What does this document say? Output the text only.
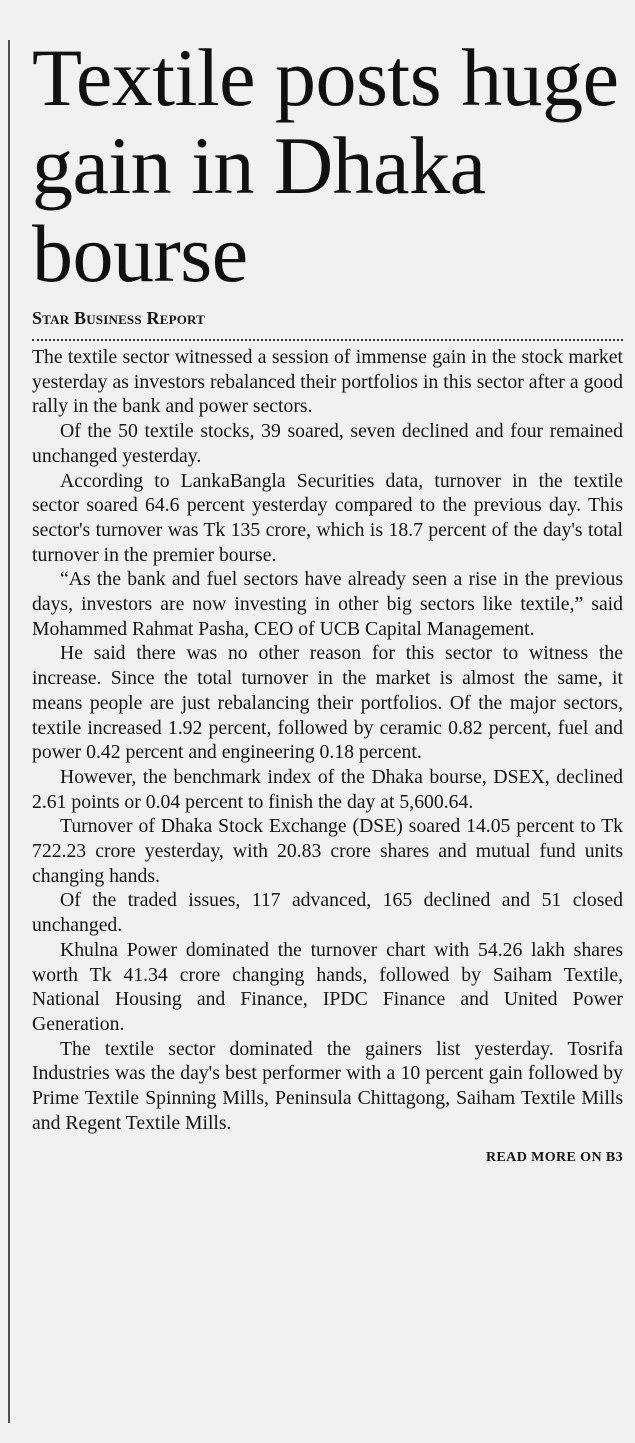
Textile posts huge gain in Dhaka bourse
Star Business Report

The textile sector witnessed a session of immense gain in the stock market yesterday as investors rebalanced their portfolios in this sector after a good rally in the bank and power sectors.

Of the 50 textile stocks, 39 soared, seven declined and four remained unchanged yesterday.

According to LankaBangla Securities data, turnover in the textile sector soared 64.6 percent yesterday compared to the previous day. This sector's turnover was Tk 135 crore, which is 18.7 percent of the day's total turnover in the premier bourse.

“As the bank and fuel sectors have already seen a rise in the previous days, investors are now investing in other big sectors like textile,” said Mohammed Rahmat Pasha, CEO of UCB Capital Management.

He said there was no other reason for this sector to witness the increase. Since the total turnover in the market is almost the same, it means people are just rebalancing their portfolios. Of the major sectors, textile increased 1.92 percent, followed by ceramic 0.82 percent, fuel and power 0.42 percent and engineering 0.18 percent.

However, the benchmark index of the Dhaka bourse, DSEX, declined 2.61 points or 0.04 percent to finish the day at 5,600.64.

Turnover of Dhaka Stock Exchange (DSE) soared 14.05 percent to Tk 722.23 crore yesterday, with 20.83 crore shares and mutual fund units changing hands.

Of the traded issues, 117 advanced, 165 declined and 51 closed unchanged.

Khulna Power dominated the turnover chart with 54.26 lakh shares worth Tk 41.34 crore changing hands, followed by Saiham Textile, National Housing and Finance, IPDC Finance and United Power Generation.

The textile sector dominated the gainers list yesterday. Tosrifa Industries was the day's best performer with a 10 percent gain followed by Prime Textile Spinning Mills, Peninsula Chittagong, Saiham Textile Mills and Regent Textile Mills.

READ MORE ON B3
